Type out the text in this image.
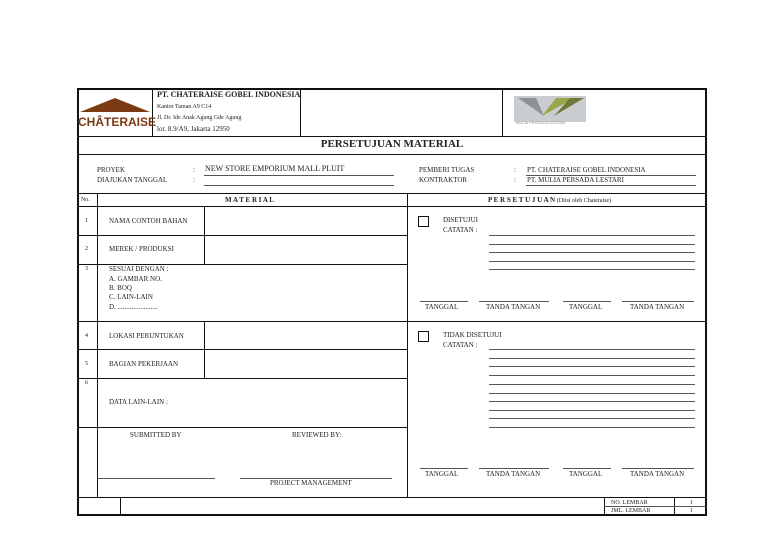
CHÂTERAISE
PT. CHATERAISE GOBEL INDONESIA
Kantor Taman A9 C14
Jl. Dr. Ide Anak Agung Gde Agung
lot. 8.9/A9, Jakarta 12950
MULIA PERSADA LESTARI
PERSETUJUAN MATERIAL
PROYEK	: NEW STORE EMPORIUM MALL PLUIT
DIAJUKAN TANGGAL	:
PEMBERI TUGAS	: PT. CHATERAISE GOBEL INDONESIA
KONTRAKTOR	: PT. MULIA PERSADA LESTARI
No.	M A T E R I A L	P E R S E T U J U A N (Diisi oleh Chateraise)
1	NAMA CONTOH BAHAN
2	MEREK / PRODUKSI
3	SESUAI DENGAN :
A. GAMBAR NO.
B. BOQ
C. LAIN-LAIN
D. .......................
4	LOKASI PERUNTUKAN
5	BAGIAN PEKERJAAN
6
DATA LAIN-LAIN :
SUBMITTED BY	REVIEWED BY:
PROJECT MANAGEMENT
DISETUJUI
CATATAN :
TANGGAL	TANDA TANGAN	TANGGAL	TANDA TANGAN
TIDAK DISETUJUI
CATATAN :
TANGGAL	TANDA TANGAN	TANGGAL	TANDA TANGAN
NO. LEMBAR	1
JML. LEMBAR	1
